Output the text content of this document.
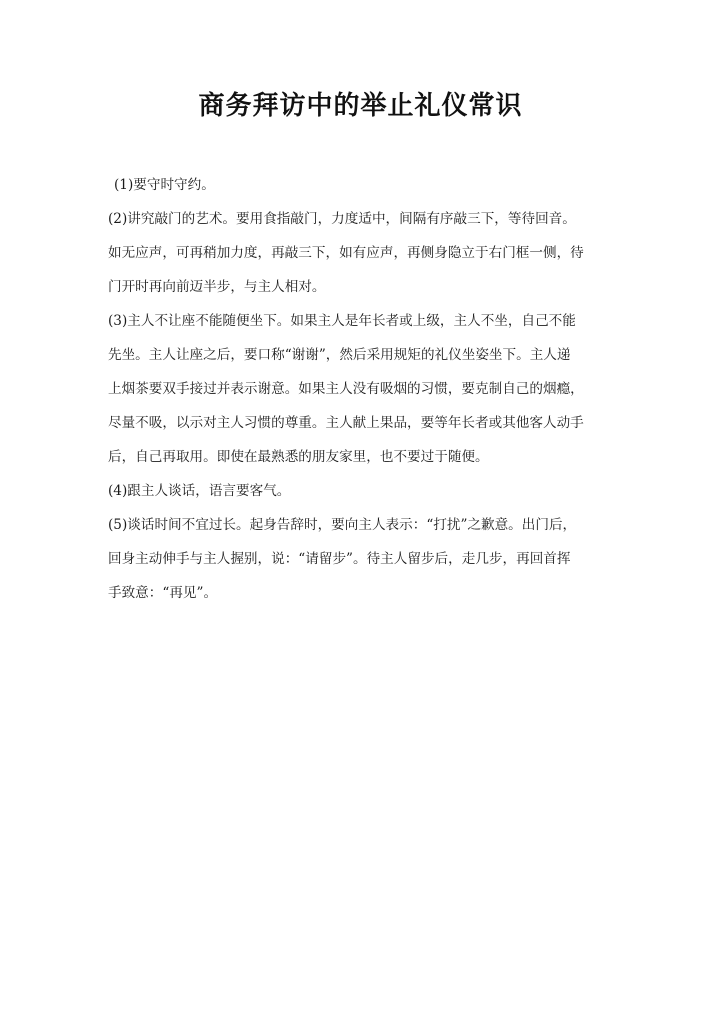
商务拜访中的举止礼仪常识
(1)要守时守约。
(2)讲究敲门的艺术。要用食指敲门，力度适中，间隔有序敲三下，等待回音。
如无应声，可再稍加力度，再敲三下，如有应声，再侧身隐立于右门框一侧，待
门开时再向前迈半步，与主人相对。
(3)主人不让座不能随便坐下。如果主人是年长者或上级，主人不坐，自己不能
先坐。主人让座之后，要口称“谢谢”，然后采用规矩的礼仪坐姿坐下。主人递
上烟茶要双手接过并表示谢意。如果主人没有吸烟的习惯，要克制自己的烟瘾，
尽量不吸，以示对主人习惯的尊重。主人献上果品，要等年长者或其他客人动手
后，自己再取用。即使在最熟悉的朋友家里，也不要过于随便。
(4)跟主人谈话，语言要客气。
(5)谈话时间不宜过长。起身告辞时，要向主人表示：“打扰”之歉意。出门后，
回身主动伸手与主人握别，说：“请留步”。待主人留步后，走几步，再回首挥
手致意：“再见”。
